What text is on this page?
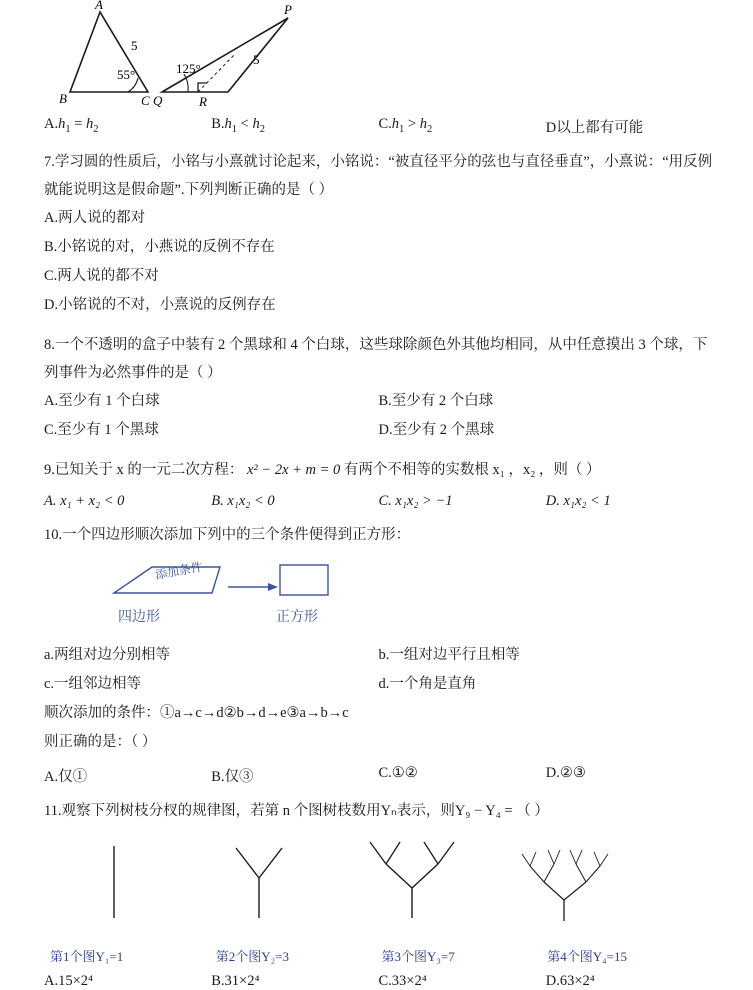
A
B	C
P
Q	R
5
55°	125°
5
$A.h_1 = h_2$	$B.h_1 < h_2$	$C.h_1 > h_2$	D以上都有可能
7.学习圆的性质后，小铭与小熹就讨论起来，小铭说：“被直径平分的弦也与直径垂直”，小熹说：“用反例就能说明这是假命题”.下列判断正确的是（ ）
A.两人说的都对
B.小铭说的对，小燕说的反例不存在
C.两人说的都不对
D.小铭说的不对，小熹说的反例存在
8.一个不透明的盒子中装有 2 个黑球和 4 个白球，这些球除颜色外其他均相同，从中任意摸出 3 个球，下列事件为必然事件的是（ ）
A.至少有 1 个白球	B.至少有 2 个白球
C.至少有 1 个黑球	D.至少有 2 个黑球
9.已知关于 x 的一元二次方程： x² − 2x + m = 0 有两个不相等的实数根 x₁ ，x₂ ，则（ ）
A. x₁ + x₂ < 0	B. x₁x₂ < 0	C. x₁x₂ > −1	D. x₁x₂ < 1
10.一个四边形顺次添加下列中的三个条件便得到正方形：
添加条件
四边形	正方形
a.两组对边分别相等	b.一组对边平行且相等
c.一组邻边相等	d.一个角是直角
顺次添加的条件：①a→c→d②b→d→e③a→b→c
则正确的是：（ ）
A.仅①	B.仅③	C.①②	D.②③
11.观察下列树枝分杈的规律图，若第 n 个图树枝数用Yₙ表示，则Y₉ − Y₄ = （ ）
第1个图Y₁=1	第2个图Y₂=3	第3个图Y₃=7	第4个图Y₄=15
A.15×2⁴	B.31×2⁴	C.33×2⁴	D.63×2⁴
